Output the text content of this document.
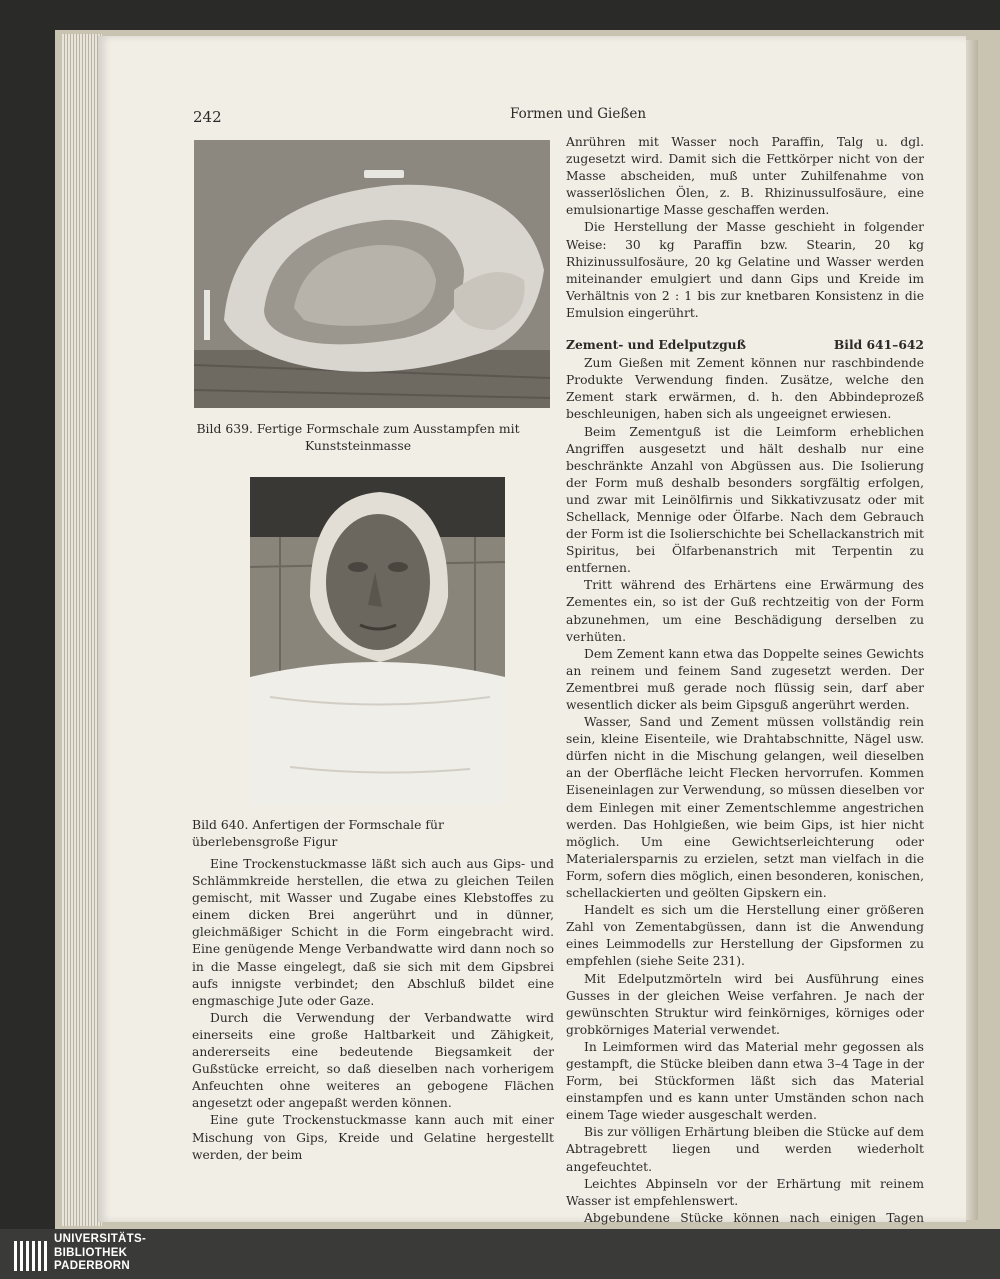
242	Formen und Gießen
Bild 639. Fertige Formschale zum Ausstampfen mit Kunststeinmasse
Bild 640. Anfertigen der Formschale für überlebensgroße Figur

Eine Trockenstuckmasse läßt sich auch aus Gips- und Schlämmkreide herstellen, die etwa zu gleichen Teilen gemischt, mit Wasser und Zugabe eines Klebstoffes zu einem dicken Brei angerührt und in dünner, gleichmäßiger Schicht in die Form eingebracht wird. Eine genügende Menge Verbandwatte wird dann noch so in die Masse eingelegt, daß sie sich mit dem Gipsbrei aufs innigste verbindet; den Abschluß bildet eine engmaschige Jute oder Gaze.

Durch die Verwendung der Verbandwatte wird einerseits eine große Haltbarkeit und Zähigkeit, andererseits eine bedeutende Biegsamkeit der Gußstücke erreicht, so daß dieselben nach vorherigem Anfeuchten ohne weiteres an gebogene Flächen angesetzt oder angepaßt werden können.

Eine gute Trockenstuckmasse kann auch mit einer Mischung von Gips, Kreide und Gelatine hergestellt werden, der beim

Anrühren mit Wasser noch Paraffin, Talg u. dgl. zugesetzt wird. Damit sich die Fettkörper nicht von der Masse abscheiden, muß unter Zuhilfenahme von wasserlöslichen Ölen, z. B. Rhizinussulfosäure, eine emulsionartige Masse geschaffen werden.

Die Herstellung der Masse geschieht in folgender Weise: 30 kg Paraffin bzw. Stearin, 20 kg Rhizinussulfosäure, 20 kg Gelatine und Wasser werden miteinander emulgiert und dann Gips und Kreide im Verhältnis von 2 : 1 bis zur knetbaren Konsistenz in die Emulsion eingerührt.

Zement- und Edelputzguß	Bild 641–642

Zum Gießen mit Zement können nur raschbindende Produkte Verwendung finden. Zusätze, welche den Zement stark erwärmen, d. h. den Abbindeprozeß beschleunigen, haben sich als ungeeignet erwiesen.

Beim Zementguß ist die Leimform erheblichen Angriffen ausgesetzt und hält deshalb nur eine beschränkte Anzahl von Abgüssen aus. Die Isolierung der Form muß deshalb besonders sorgfältig erfolgen, und zwar mit Leinölfirnis und Sikkativzusatz oder mit Schellack, Mennige oder Ölfarbe. Nach dem Gebrauch der Form ist die Isolierschichte bei Schellackanstrich mit Spiritus, bei Ölfarbenanstrich mit Terpentin zu entfernen.

Tritt während des Erhärtens eine Erwärmung des Zementes ein, so ist der Guß rechtzeitig von der Form abzunehmen, um eine Beschädigung derselben zu verhüten.

Dem Zement kann etwa das Doppelte seines Gewichts an reinem und feinem Sand zugesetzt werden. Der Zementbrei muß gerade noch flüssig sein, darf aber wesentlich dicker als beim Gipsguß angerührt werden.

Wasser, Sand und Zement müssen vollständig rein sein, kleine Eisenteile, wie Drahtabschnitte, Nägel usw. dürfen nicht in die Mischung gelangen, weil dieselben an der Oberfläche leicht Flecken hervorrufen. Kommen Eiseneinlagen zur Verwendung, so müssen dieselben vor dem Einlegen mit einer Zementschlemme angestrichen werden. Das Hohlgießen, wie beim Gips, ist hier nicht möglich. Um eine Gewichtserleichterung oder Materialersparnis zu erzielen, setzt man vielfach in die Form, sofern dies möglich, einen besonderen, konischen, schellackierten und geölten Gipskern ein.

Handelt es sich um die Herstellung einer größeren Zahl von Zementabgüssen, dann ist die Anwendung eines Leimmodells zur Herstellung der Gipsformen zu empfehlen (siehe Seite 231).

Mit Edelputzmörteln wird bei Ausführung eines Gusses in der gleichen Weise verfahren. Je nach der gewünschten Struktur wird feinkörniges, körniges oder grobkörniges Material verwendet.

In Leimformen wird das Material mehr gegossen als gestampft, die Stücke bleiben dann etwa 3–4 Tage in der Form, bei Stückformen läßt sich das Material einstampfen und es kann unter Umständen schon nach einem Tage wieder ausgeschalt werden.

Bis zur völligen Erhärtung bleiben die Stücke auf dem Abtragebrett liegen und werden wiederholt angefeuchtet.

Leichtes Abpinseln vor der Erhärtung mit reinem Wasser ist empfehlenswert.

Abgebundene Stücke können nach einigen Tagen

UNIVERSITÄTS-
BIBLIOTHEK
PADERBORN
